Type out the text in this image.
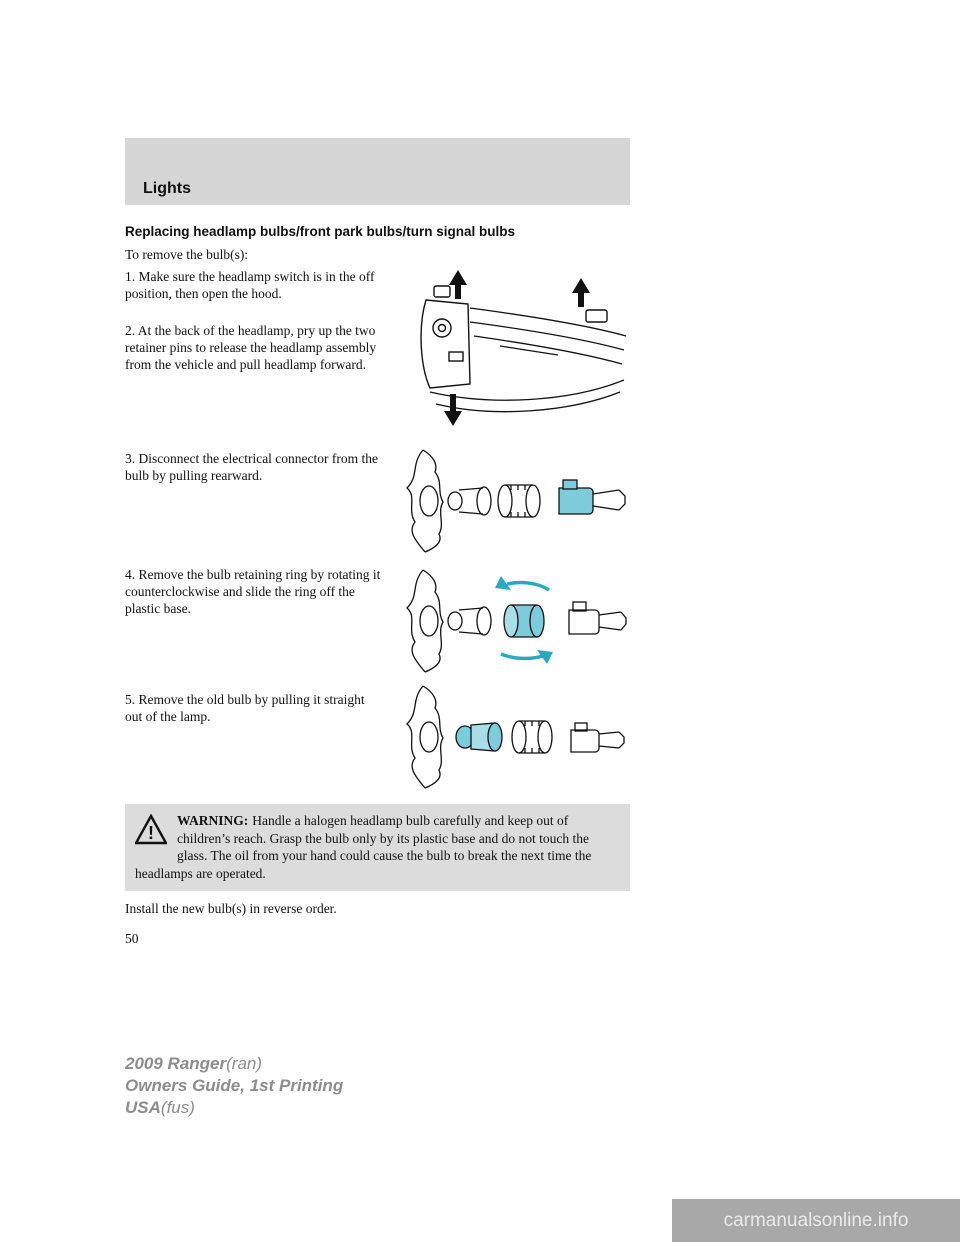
Lights
Replacing headlamp bulbs/front park bulbs/turn signal bulbs
To remove the bulb(s):
1. Make sure the headlamp switch is in the off position, then open the hood.
2. At the back of the headlamp, pry up the two retainer pins to release the headlamp assembly from the vehicle and pull headlamp forward.
3. Disconnect the electrical connector from the bulb by pulling rearward.
4. Remove the bulb retaining ring by rotating it counterclockwise and slide the ring off the plastic base.
5. Remove the old bulb by pulling it straight out of the lamp.
!
WARNING: Handle a halogen headlamp bulb carefully and keep out of children’s reach. Grasp the bulb only by its plastic base and do not touch the glass. The oil from your hand could cause the bulb to break the next time the headlamps are operated.
Install the new bulb(s) in reverse order.
50
2009 Ranger(ran)
Owners Guide, 1st Printing
USA(fus)
carmanualsonline.info
